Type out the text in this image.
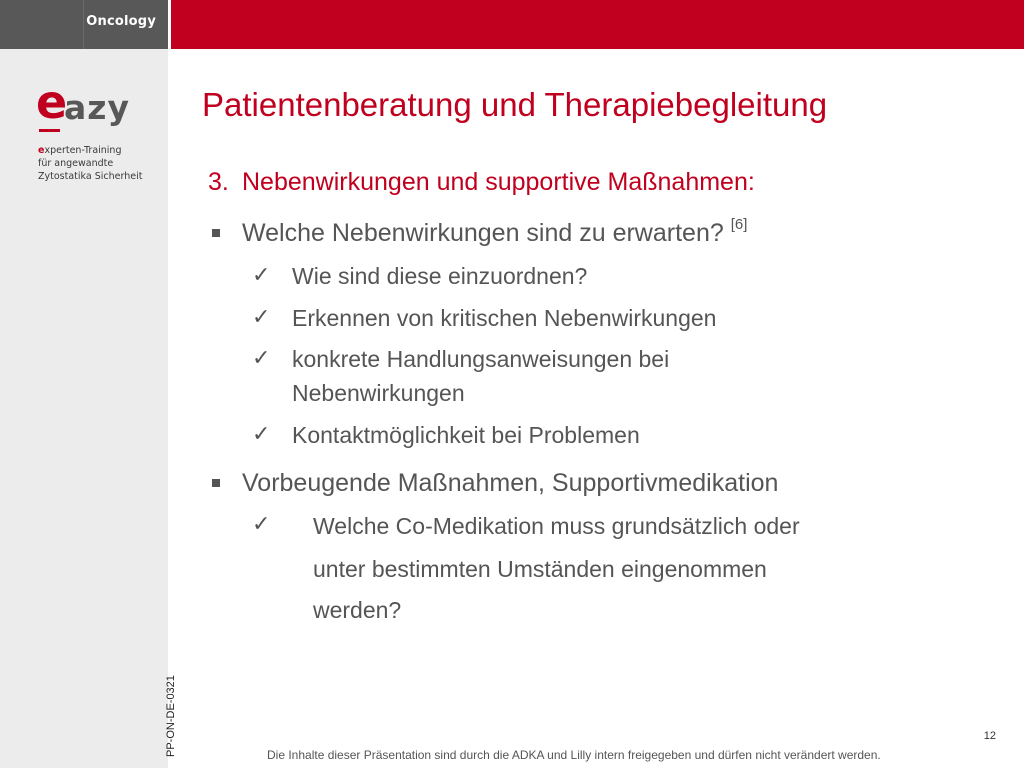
Oncology
e
azy
experten-Training
für angewandte
Zytostatika Sicherheit
PP-ON-DE-0321
Patientenberatung und Therapiebegleitung
3. Nebenwirkungen und supportive Maßnahmen:
Welche Nebenwirkungen sind zu erwarten? [6]
✓ Wie sind diese einzuordnen?
✓ Erkennen von kritischen Nebenwirkungen
✓ konkrete Handlungsanweisungen bei
Nebenwirkungen
✓ Kontaktmöglichkeit bei Problemen
Vorbeugende Maßnahmen, Supportivmedikation
✓ Welche Co-Medikation muss grundsätzlich oder
unter bestimmten Umständen eingenommen
werden?
12
Die Inhalte dieser Präsentation sind durch die ADKA und Lilly intern freigegeben und dürfen nicht verändert werden.
